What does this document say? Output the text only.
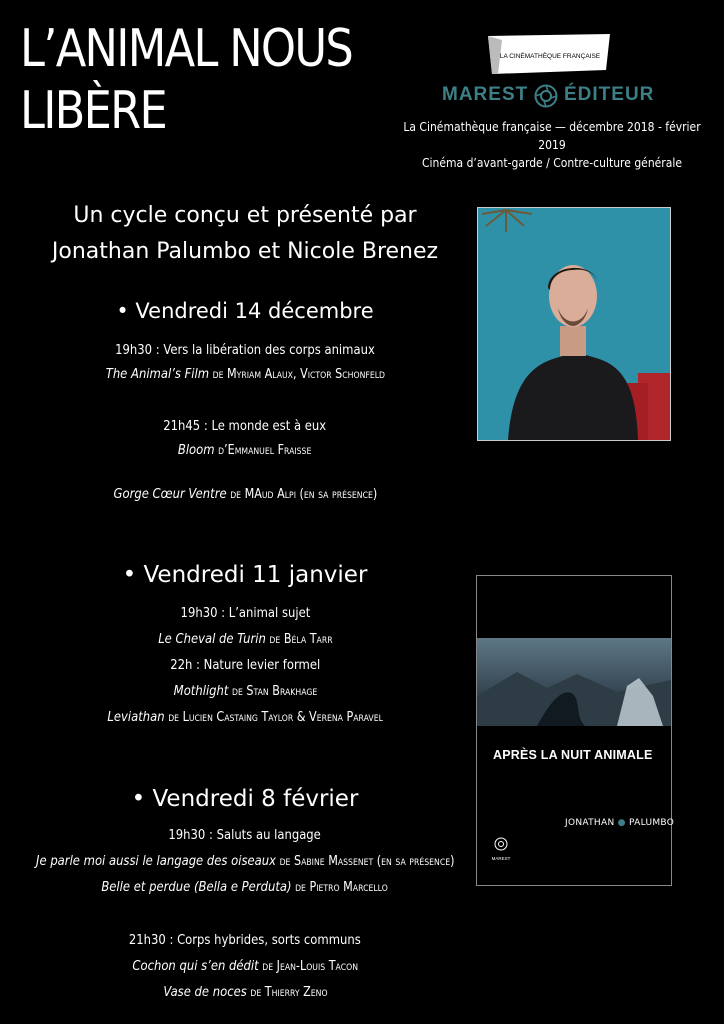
L’ANIMAL NOUS
LIBÈRE
LA CINÉMATHÈQUE FRANÇAISE
MAREST ÉDITEUR
La Cinémathèque française — décembre 2018 - février 2019
Cinéma d’avant-garde / Contre-culture générale
Un cycle conçu et présenté par
Jonathan Palumbo et Nicole Brenez
• Vendredi 14 décembre
19h30 : Vers la libération des corps animaux
The Animal’s Film de Myriam Alaux, Victor Schonfeld
21h45 : Le monde est à eux
Bloom d’Emmanuel Fraisse
Gorge Cœur Ventre de MAud Alpi (en sa présence)
• Vendredi 11 janvier
19h30 : L’animal sujet
Le Cheval de Turin de Béla Tarr
22h : Nature levier formel
Mothlight de Stan Brakhage
Leviathan de Lucien Castaing Taylor & Verena Paravel
• Vendredi 8 février
19h30 : Saluts au langage
Je parle moi aussi le langage des oiseaux de Sabine Massenet (en sa présence)
Belle et perdue (Bella e Perduta) de Pietro Marcello
21h30 : Corps hybrides, sorts communs
Cochon qui s’en dédit de Jean-Louis Tacon
Vase de noces de Thierry Zeno
MAREST
APRÈS LA NUIT ANIMALE
JONATHAN ● PALUMBO
